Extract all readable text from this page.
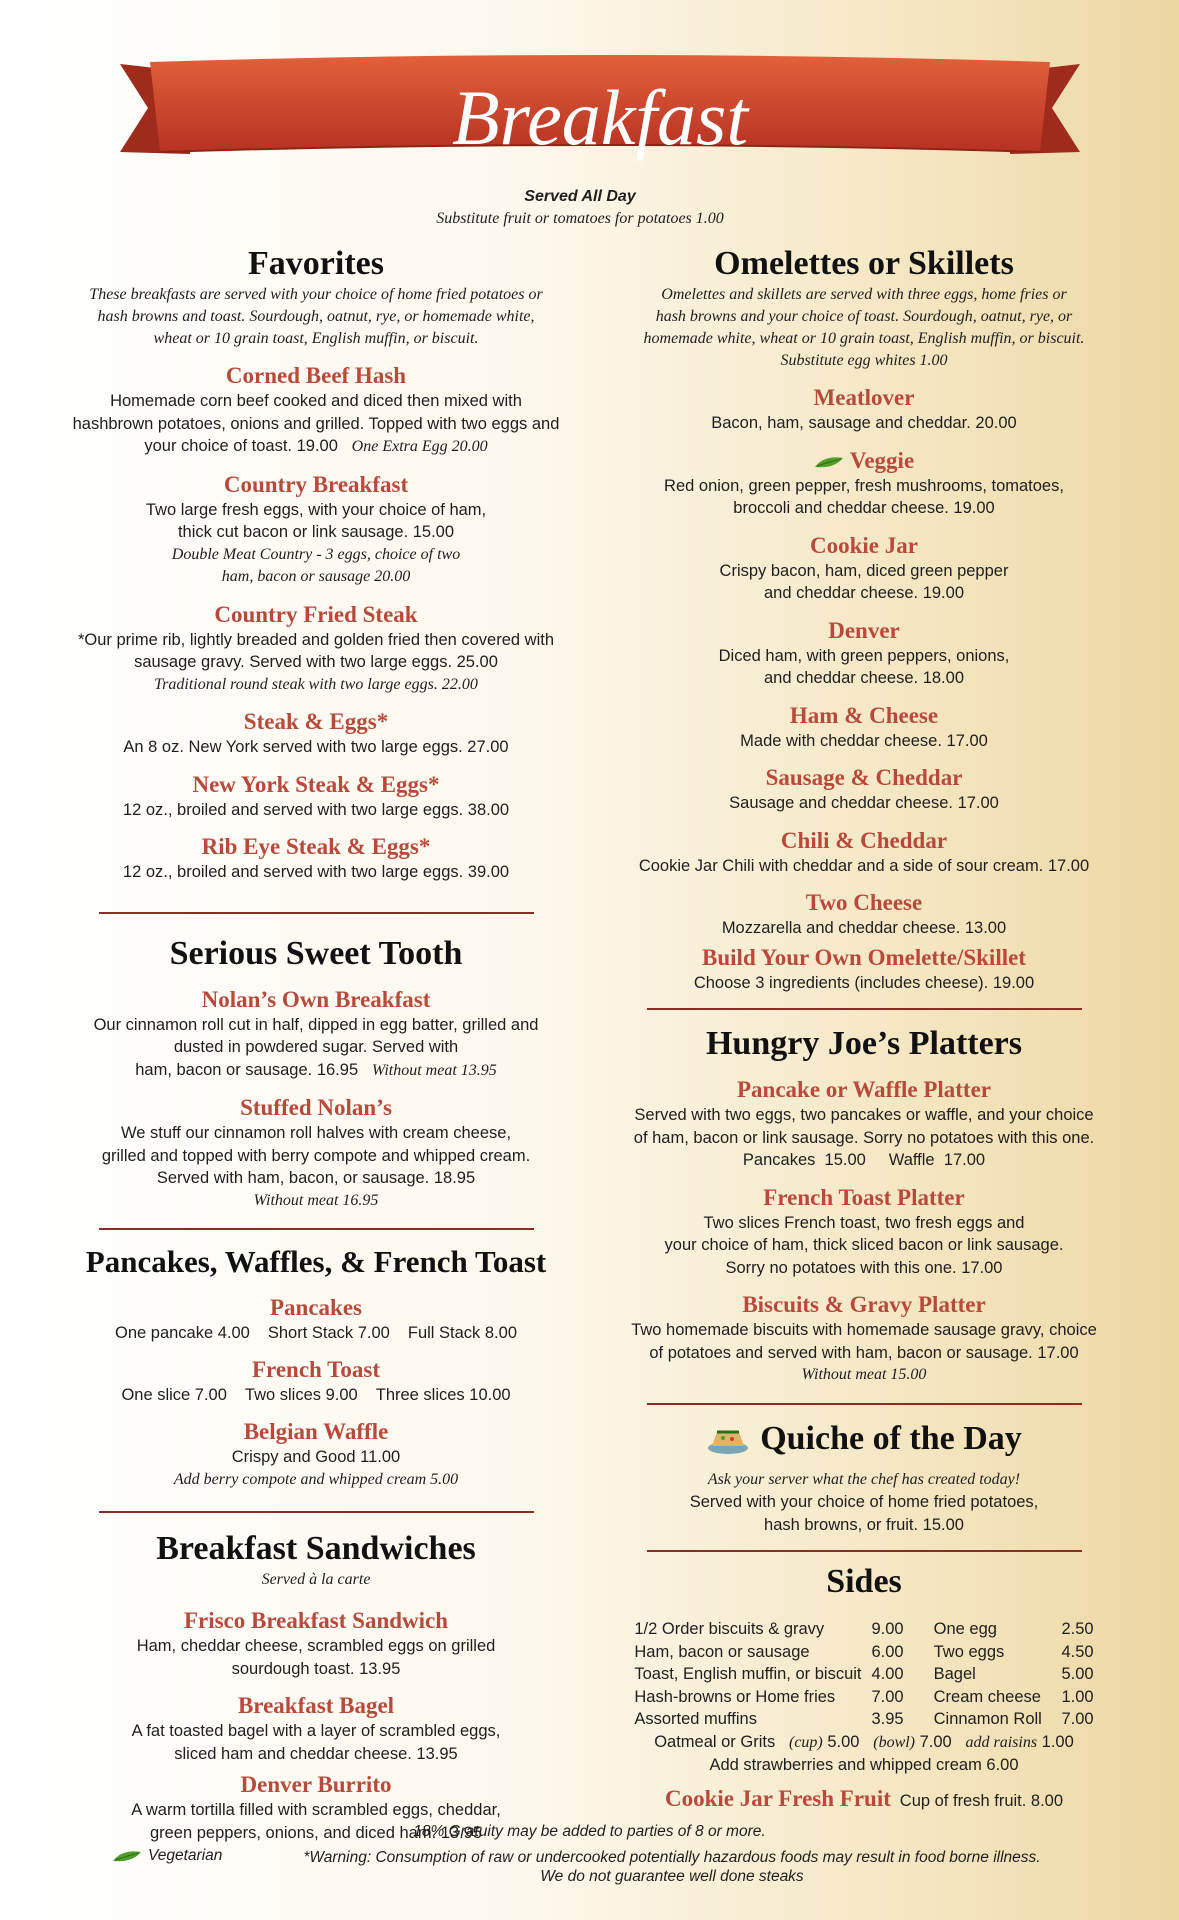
Breakfast
Served All Day
Substitute fruit or tomatoes for potatoes 1.00
Favorites
These breakfasts are served with your choice of home fried potatoes or
hash browns and toast. Sourdough, oatnut, rye, or homemade white,
wheat or 10 grain toast, English muffin, or biscuit.
Corned Beef Hash
Homemade corn beef cooked and diced then mixed with
hashbrown potatoes, onions and grilled. Topped with two eggs and
your choice of toast. 19.00 One Extra Egg 20.00
Country Breakfast
Two large fresh eggs, with your choice of ham,
thick cut bacon or link sausage. 15.00
Double Meat Country - 3 eggs, choice of two
ham, bacon or sausage 20.00
Country Fried Steak
*Our prime rib, lightly breaded and golden fried then covered with
sausage gravy. Served with two large eggs. 25.00
Traditional round steak with two large eggs. 22.00
Steak & Eggs*
An 8 oz. New York served with two large eggs. 27.00
New York Steak & Eggs*
12 oz., broiled and served with two large eggs. 38.00
Rib Eye Steak & Eggs*
12 oz., broiled and served with two large eggs. 39.00
Serious Sweet Tooth
Nolan’s Own Breakfast
Our cinnamon roll cut in half, dipped in egg batter, grilled and
dusted in powdered sugar. Served with
ham, bacon or sausage. 16.95 Without meat 13.95
Stuffed Nolan’s
We stuff our cinnamon roll halves with cream cheese,
grilled and topped with berry compote and whipped cream.
Served with ham, bacon, or sausage. 18.95
Without meat 16.95
Pancakes, Waffles, & French Toast
Pancakes
One pancake 4.00 Short Stack 7.00 Full Stack 8.00
French Toast
One slice 7.00 Two slices 9.00 Three slices 10.00
Belgian Waffle
Crispy and Good 11.00
Add berry compote and whipped cream 5.00
Breakfast Sandwiches
Served à la carte
Frisco Breakfast Sandwich
Ham, cheddar cheese, scrambled eggs on grilled
sourdough toast. 13.95
Breakfast Bagel
A fat toasted bagel with a layer of scrambled eggs,
sliced ham and cheddar cheese. 13.95
Denver Burrito
A warm tortilla filled with scrambled eggs, cheddar,
green peppers, onions, and diced ham. 13.95
Omelettes or Skillets
Omelettes and skillets are served with three eggs, home fries or
hash browns and your choice of toast. Sourdough, oatnut, rye, or
homemade white, wheat or 10 grain toast, English muffin, or biscuit.
Substitute egg whites 1.00
Meatlover
Bacon, ham, sausage and cheddar. 20.00
Veggie
Red onion, green pepper, fresh mushrooms, tomatoes,
broccoli and cheddar cheese. 19.00
Cookie Jar
Crispy bacon, ham, diced green pepper
and cheddar cheese. 19.00
Denver
Diced ham, with green peppers, onions,
and cheddar cheese. 18.00
Ham & Cheese
Made with cheddar cheese. 17.00
Sausage & Cheddar
Sausage and cheddar cheese. 17.00
Chili & Cheddar
Cookie Jar Chili with cheddar and a side of sour cream. 17.00
Two Cheese
Mozzarella and cheddar cheese. 13.00
Build Your Own Omelette/Skillet
Choose 3 ingredients (includes cheese). 19.00
Hungry Joe’s Platters
Pancake or Waffle Platter
Served with two eggs, two pancakes or waffle, and your choice
of ham, bacon or link sausage. Sorry no potatoes with this one.
Pancakes  15.00     Waffle  17.00
French Toast Platter
Two slices French toast, two fresh eggs and
your choice of ham, thick sliced bacon or link sausage.
Sorry no potatoes with this one. 17.00
Biscuits & Gravy Platter
Two homemade biscuits with homemade sausage gravy, choice
of potatoes and served with ham, bacon or sausage. 17.00
Without meat 15.00
Quiche of the Day
Ask your server what the chef has created today!
Served with your choice of home fried potatoes,
hash browns, or fruit. 15.00
Sides
1/2 Order biscuits & gravy	9.00
Ham, bacon or sausage	6.00
Toast, English muffin, or biscuit	4.00
Hash-browns or Home fries	7.00
Assorted muffins	3.95
One egg	2.50
Two eggs	4.50
Bagel	5.00
Cream cheese	1.00
Cinnamon Roll	7.00
Oatmeal or Grits (cup) 5.00 (bowl) 7.00 add raisins 1.00
Add strawberries and whipped cream 6.00
Cookie Jar Fresh Fruit Cup of fresh fruit. 8.00
18% Gratuity may be added to parties of 8 or more.
Vegetarian	*Warning: Consumption of raw or undercooked potentially hazardous foods may result in food borne illness.
We do not guarantee well done steaks
